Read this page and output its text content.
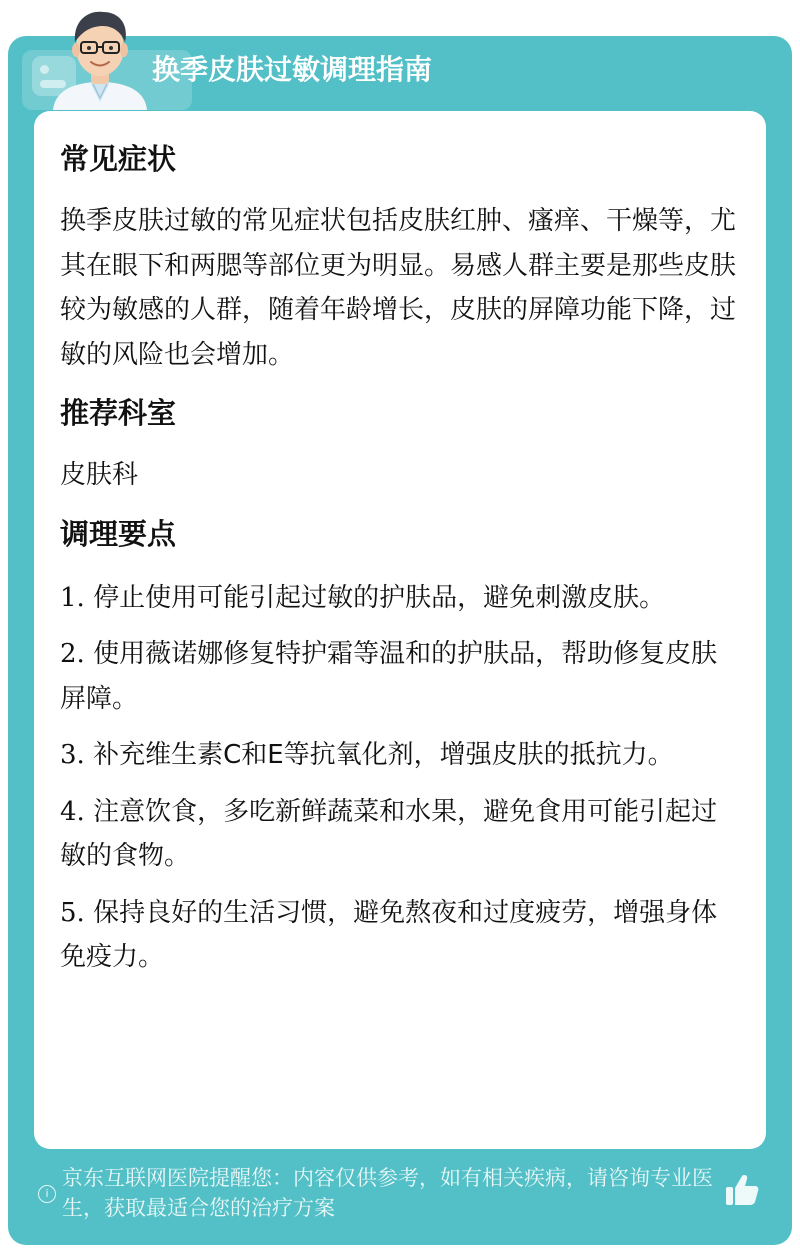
换季皮肤过敏调理指南
常见症状

换季皮肤过敏的常见症状包括皮肤红肿、瘙痒、干燥等，尤其在眼下和两腮等部位更为明显。易感人群主要是那些皮肤较为敏感的人群，随着年龄增长，皮肤的屏障功能下降，过敏的风险也会增加。

推荐科室

皮肤科

调理要点

1. 停止使用可能引起过敏的护肤品，避免刺激皮肤。

2. 使用薇诺娜修复特护霜等温和的护肤品，帮助修复皮肤屏障。

3. 补充维生素C和E等抗氧化剂，增强皮肤的抵抗力。

4. 注意饮食，多吃新鲜蔬菜和水果，避免食用可能引起过敏的食物。

5. 保持良好的生活习惯，避免熬夜和过度疲劳，增强身体免疫力。

i
京东互联网医院提醒您：内容仅供参考，如有相关疾病，请咨询专业医生，获取最适合您的治疗方案
